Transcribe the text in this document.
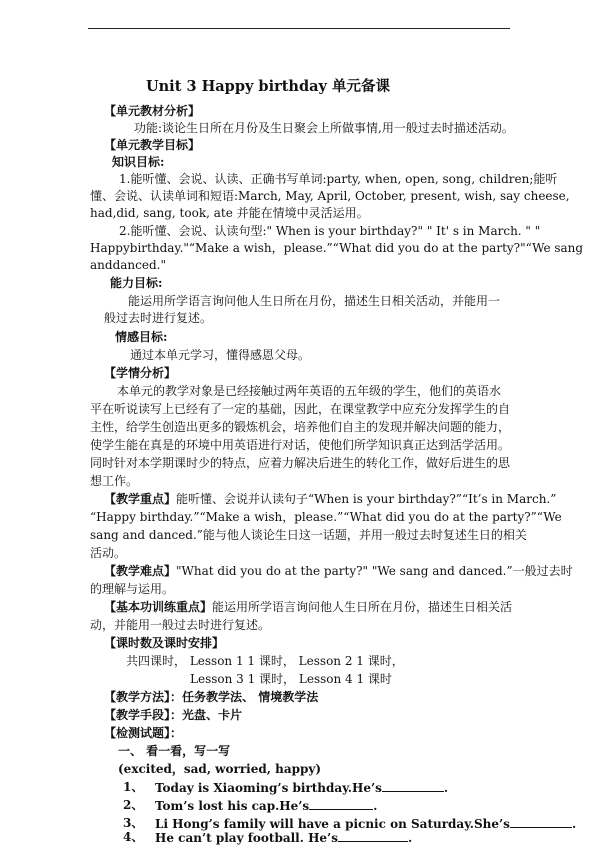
Unit 3 Happy birthday 单元备课
【单元教材分析】
功能:谈论生日所在月份及生日聚会上所做事情,用一般过去时描述活动。
【单元教学目标】
知识目标:
1.能听懂、会说、认读、正确书写单词:party, when, open, song, children;能听
懂、会说、认读单词和短语:March, May, April, October, present, wish, say cheese,
had,did, sang, took, ate 并能在情境中灵活运用。
2.能听懂、会说、认读句型:" When is your birthday?" " It' s in March. " "
Happybirthday."“Make a wish，please.”“What did you do at the party?"“We sang
anddanced."
能力目标:
能运用所学语言询问他人生日所在月份，描述生日相关活动，并能用一
般过去时进行复述。
情感目标:
通过本单元学习，懂得感恩父母。
【学情分析】
本单元的教学对象是已经接触过两年英语的五年级的学生，他们的英语水
平在听说读写上已经有了一定的基础，因此，在课堂教学中应充分发挥学生的自
主性，给学生创造出更多的锻炼机会，培养他们自主的发现并解决问题的能力，
使学生能在真是的环境中用英语进行对话，使他们所学知识真正达到活学活用。
同时针对本学期课时少的特点，应着力解决后进生的转化工作，做好后进生的思
想工作。
【教学重点】能听懂、会说并认读句子“When is your birthday?”“It’s in March.”
“Happy birthday.”“Make a wish，please.”“What did you do at the party?”“We
sang and danced.”能与他人谈论生日这一话题，并用一般过去时复述生日的相关
活动。
【教学难点】"What did you do at the party?" "We sang and danced.”一般过去时
的理解与运用。
【基本功训练重点】能运用所学语言询问他人生日所在月份，描述生日相关活
动，并能用一般过去时进行复述。
【课时数及课时安排】
共四课时， Lesson 1 1 课时， Lesson 2 1 课时，
Lesson 3 1 课时， Lesson 4 1 课时
【教学方法】：任务教学法、 情境教学法
【教学手段】：光盘、卡片
【检测试题】：
一、 看一看，写一写
(excited，sad, worried, happy)
1、 Today is Xiaoming’s birthday.He’s	.
2、 Tom’s lost his cap.He’s	.
3、 Li Hong’s family will have a picnic on Saturday.She’s	.
4、 He can’t play football. He’s	.
